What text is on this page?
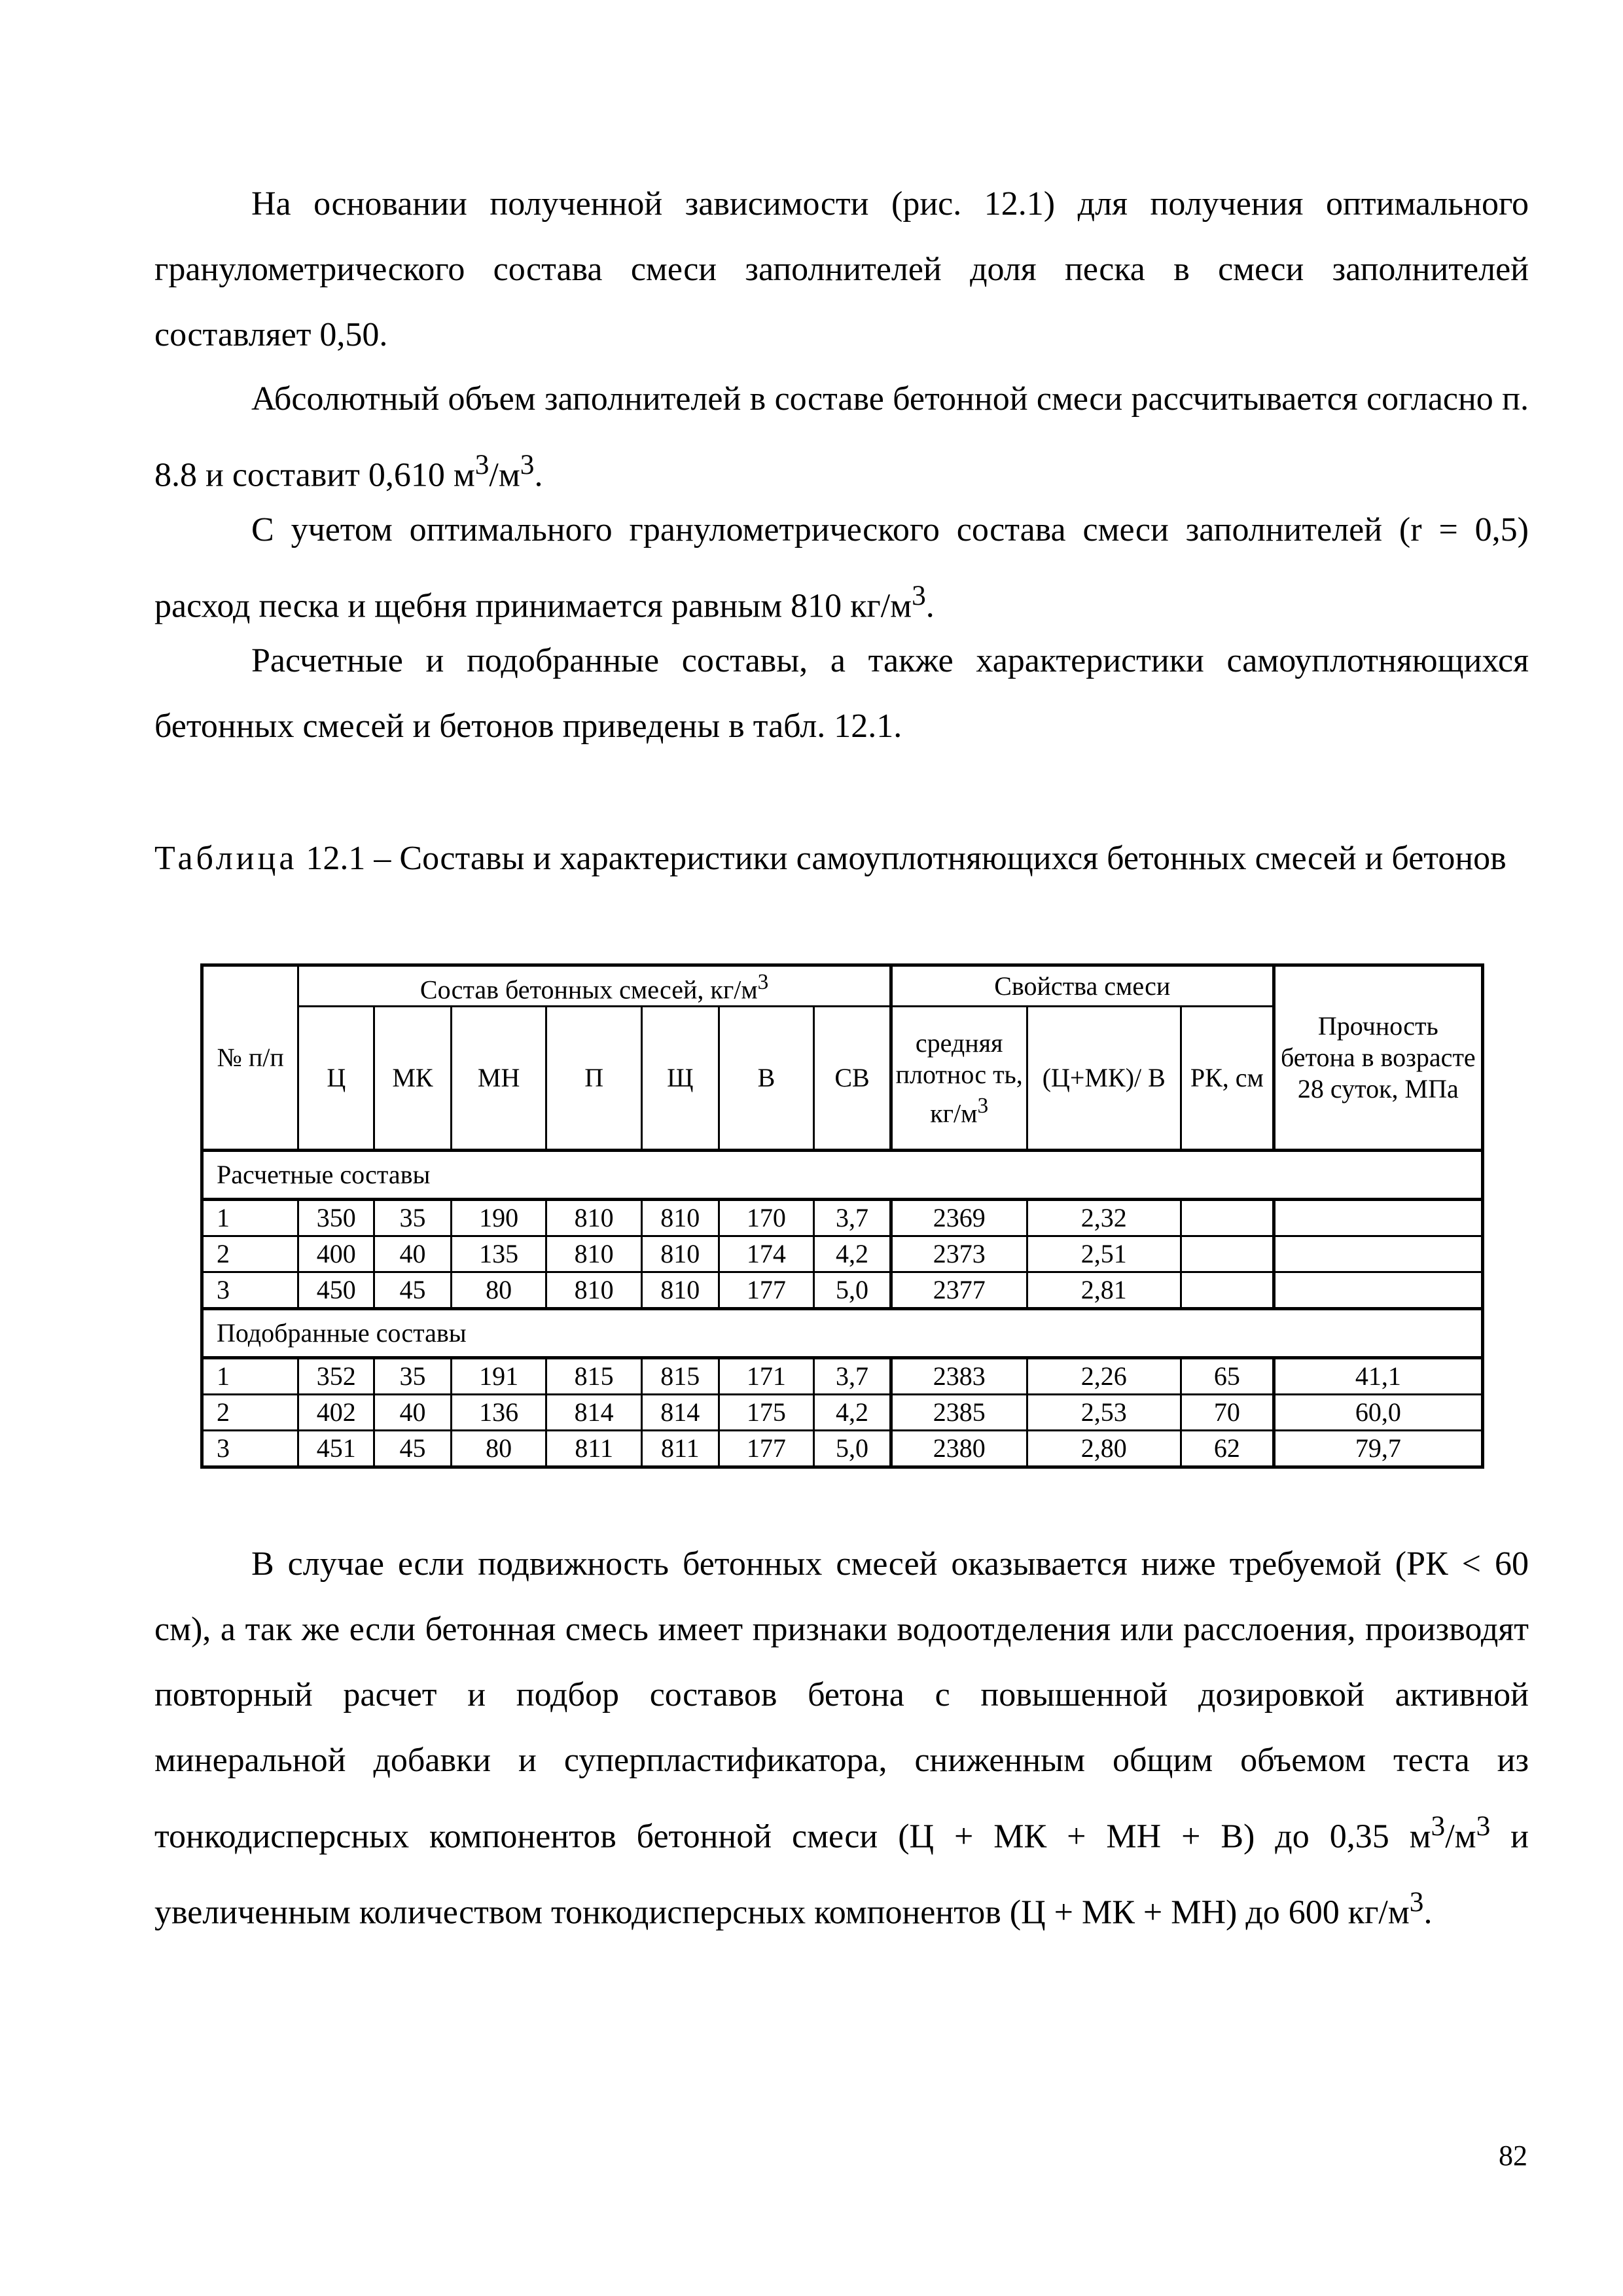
На основании полученной зависимости (рис. 12.1) для получения оптимального гранулометрического состава смеси заполнителей доля песка в смеси заполнителей составляет 0,50.

Абсолютный объем заполнителей в составе бетонной смеси рассчитывается согласно п. 8.8 и составит 0,610 $м^3/м^3$.

С учетом оптимального гранулометрического состава смеси заполнителей (r = 0,5) расход песка и щебня принимается равным 810 $кг/м^3$.

Расчетные и подобранные составы, а также характеристики самоуплотняющихся бетонных смесей и бетонов приведены в табл. 12.1.

Таблица 12.1 – Составы и характеристики самоуплотняющихся бетонных смесей и бетонов

№ п/п	Состав бетонных смесей, $кг/м^3$							Свойства смеси			Прочность бетона в возрасте 28 суток, МПа
	Ц	МК	МН	П	Щ	В	СВ	средняя плотнос ть, $кг/м^3$	(Ц+МК)/ В	РК, см	
Расчетные составы											
1	350	35	190	810	810	170	3,7	2369	2,32		
2	400	40	135	810	810	174	4,2	2373	2,51		
3	450	45	80	810	810	177	5,0	2377	2,81		
Подобранные составы											
1	352	35	191	815	815	171	3,7	2383	2,26	65	41,1
2	402	40	136	814	814	175	4,2	2385	2,53	70	60,0
3	451	45	80	811	811	177	5,0	2380	2,80	62	79,7
82

В случае если подвижность бетонных смесей оказывается ниже требуемой (РК < 60 см), а так же если бетонная смесь имеет признаки водоотделения или расслоения, производят повторный расчет и подбор составов бетона с повышенной дозировкой активной минеральной добавки и суперпластификатора, сниженным общим объемом теста из тонкодисперсных компонентов бетонной смеси (Ц + МК + МН + В) до 0,35 $м^3/м^3$ и увеличенным количеством тонкодисперсных компонентов (Ц + МК + МН) до 600 $кг/м^3$.
